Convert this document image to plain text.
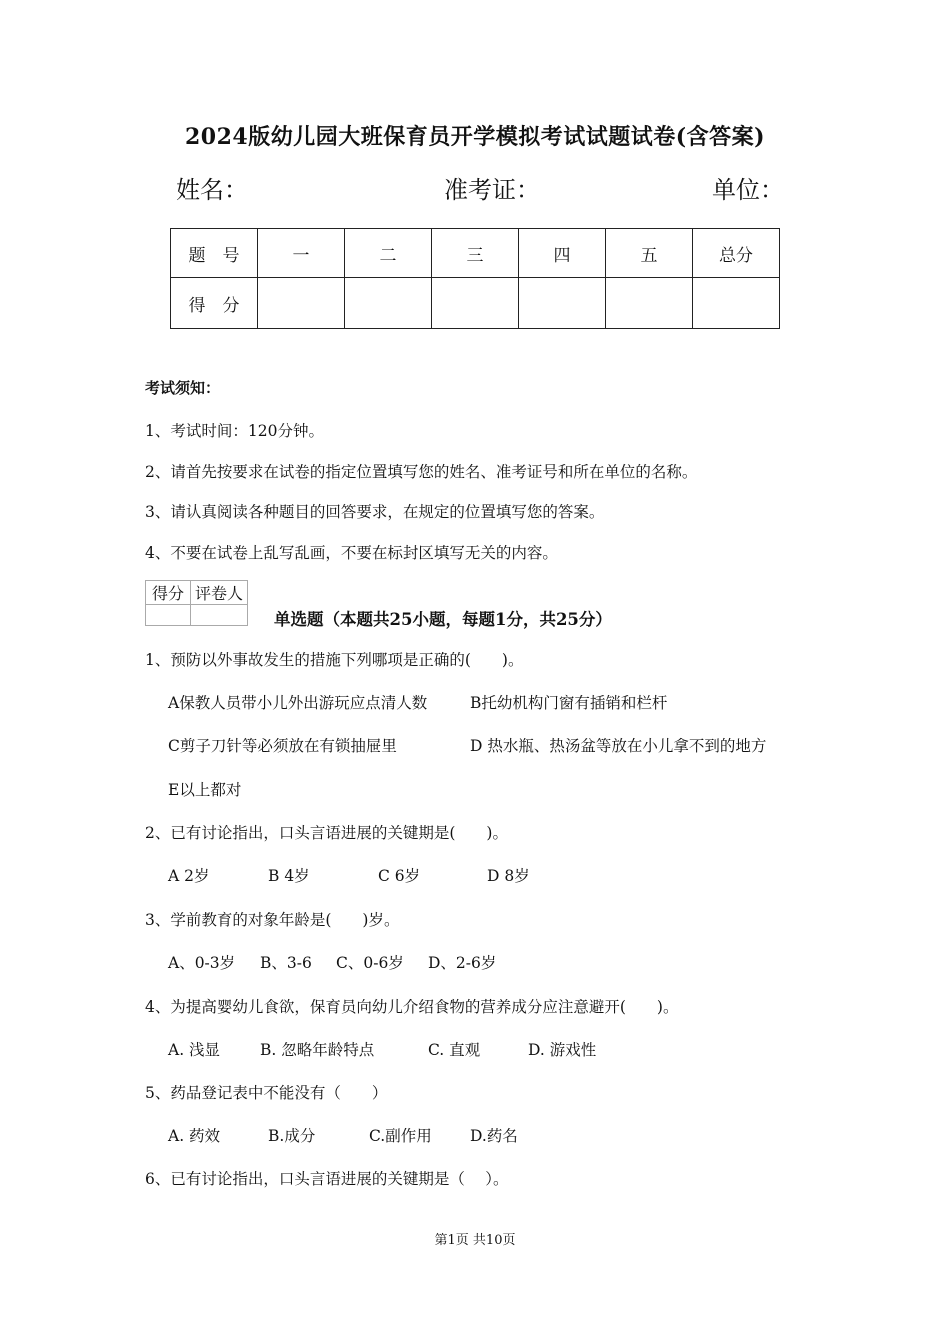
2024版幼儿园大班保育员开学模拟考试试题试卷(含答案)
姓名：	准考证：	单位：
题　号	一	二	三	四	五	总分
得　分						
考试须知：
1、考试时间：120分钟。
2、请首先按要求在试卷的指定位置填写您的姓名、准考证号和所在单位的名称。
3、请认真阅读各种题目的回答要求，在规定的位置填写您的答案。
4、不要在试卷上乱写乱画，不要在标封区填写无关的内容。
得分	评卷人

单选题（本题共25小题，每题1分，共25分）
1、预防以外事故发生的措施下列哪项是正确的(　　)。
A保教人员带小儿外出游玩应点清人数	B托幼机构门窗有插销和栏杆
C剪子刀针等必须放在有锁抽屉里	D 热水瓶、热汤盆等放在小儿拿不到的地方
E以上都对
2、已有讨论指出，口头言语进展的关键期是(　　)。
A 2岁	B 4岁	C 6岁	D 8岁
3、学前教育的对象年龄是(　　)岁。
A、0-3岁 B、3-6 C、0-6岁 D、2-6岁
4、为提高婴幼儿食欲，保育员向幼儿介绍食物的营养成分应注意避开(　　)。
A. 浅显	B. 忽略年龄特点	C. 直观	D. 游戏性
5、药品登记表中不能没有（　　）
A. 药效	B.成分	C.副作用 D.药名
6、已有讨论指出，口头言语进展的关键期是（　 ）。
第1页 共10页
